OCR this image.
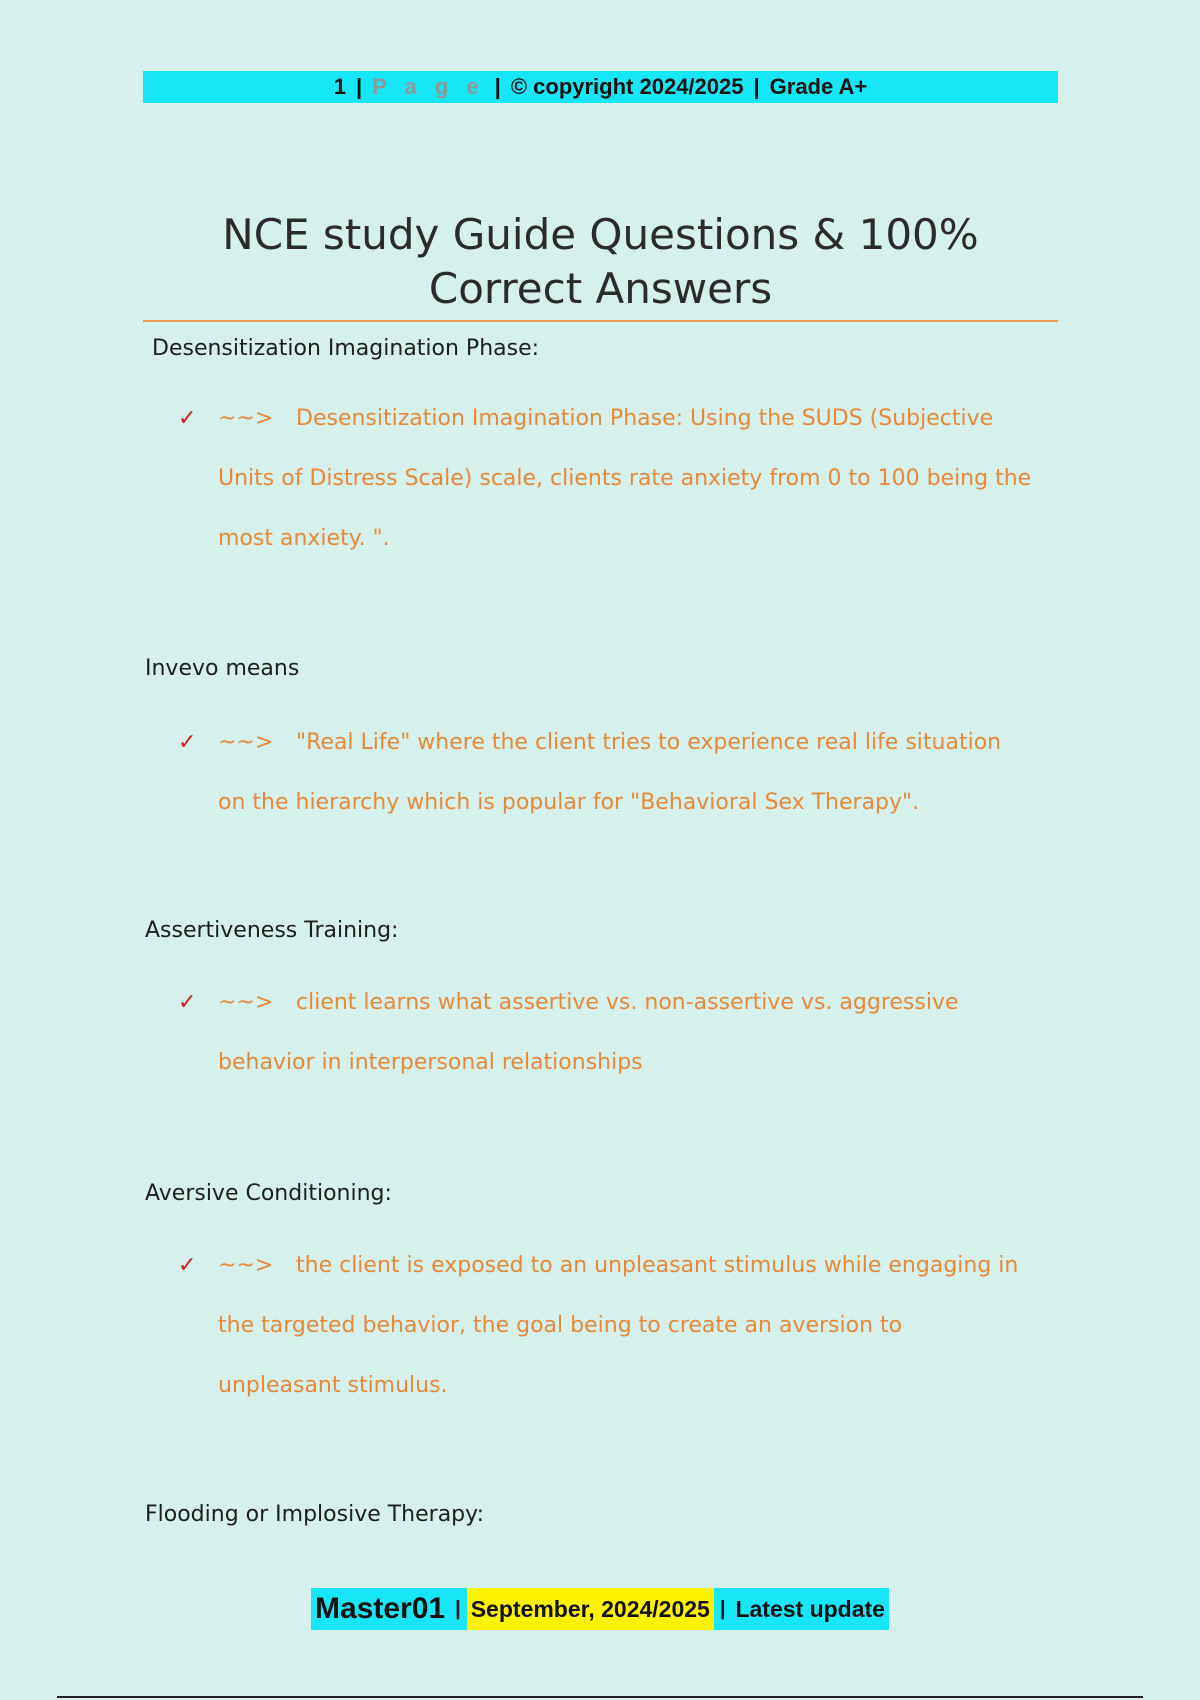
1 | P a g e | © copyright 2024/2025 | Grade A+
NCE study Guide Questions & 100%
Correct Answers

Desensitization Imagination Phase:

✓ ~~> Desensitization Imagination Phase: Using the SUDS (Subjective
Units of Distress Scale) scale, clients rate anxiety from 0 to 100 being the
most anxiety. ".

Invevo means

✓ ~~> "Real Life" where the client tries to experience real life situation
on the hierarchy which is popular for "Behavioral Sex Therapy".

Assertiveness Training:

✓ ~~> client learns what assertive vs. non-assertive vs. aggressive
behavior in interpersonal relationships

Aversive Conditioning:

✓ ~~> the client is exposed to an unpleasant stimulus while engaging in
the targeted behavior, the goal being to create an aversion to
unpleasant stimulus.

Flooding or Implosive Therapy:

Master01 | September, 2024/2025 | Latest update
